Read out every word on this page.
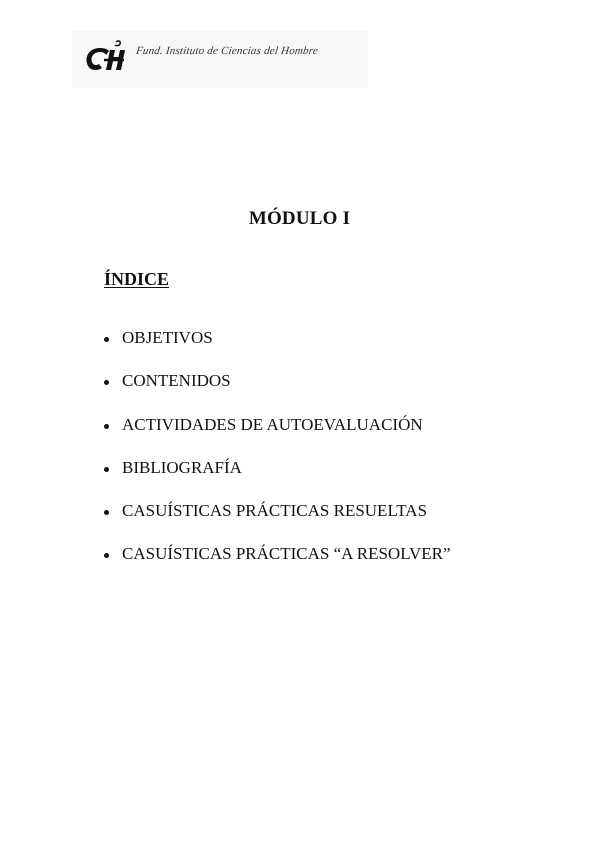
Fund. Instituto de Ciencias del Hombre
MÓDULO I
ÍNDICE
OBJETIVOS
CONTENIDOS
ACTIVIDADES DE AUTOEVALUACIÓN
BIBLIOGRAFÍA
CASUÍSTICAS PRÁCTICAS RESUELTAS
CASUÍSTICAS PRÁCTICAS “A RESOLVER”
